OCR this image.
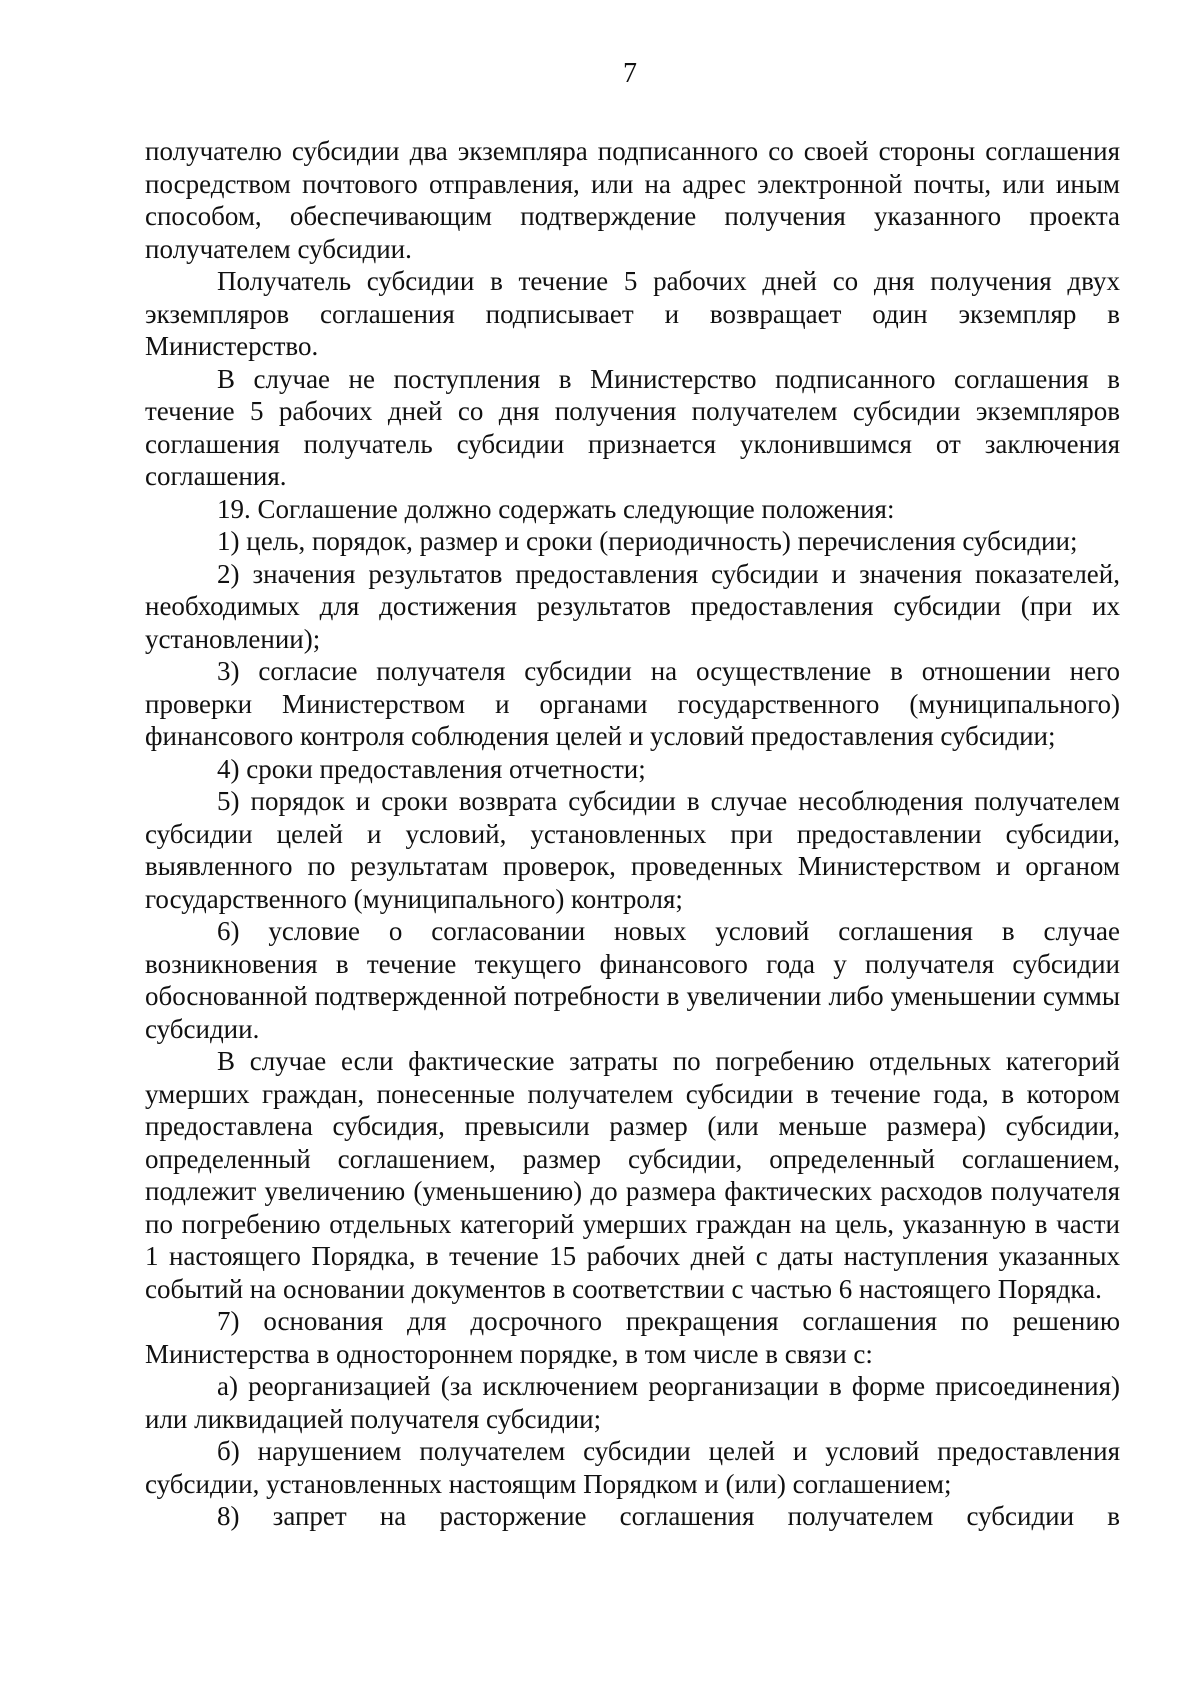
7

получателю субсидии два экземпляра подписанного со своей стороны соглашения посредством почтового отправления, или на адрес электронной почты, или иным способом, обеспечивающим подтверждение получения указанного проекта получателем субсидии.

Получатель субсидии в течение 5 рабочих дней со дня получения двух экземпляров соглашения подписывает и возвращает один экземпляр в Министерство.

В случае не поступления в Министерство подписанного соглашения в течение 5 рабочих дней со дня получения получателем субсидии экземпляров соглашения получатель субсидии признается уклонившимся от заключения соглашения.

19. Соглашение должно содержать следующие положения:

1) цель, порядок, размер и сроки (периодичность) перечисления субсидии;

2) значения результатов предоставления субсидии и значения показателей, необходимых для достижения результатов предоставления субсидии (при их установлении);

3) согласие получателя субсидии на осуществление в отношении него проверки Министерством и органами государственного (муниципального) финансового контроля соблюдения целей и условий предоставления субсидии;

4) сроки предоставления отчетности;

5) порядок и сроки возврата субсидии в случае несоблюдения получателем субсидии целей и условий, установленных при предоставлении субсидии, выявленного по результатам проверок, проведенных Министерством и органом государственного (муниципального) контроля;

6) условие о согласовании новых условий соглашения в случае возникновения в течение текущего финансового года у получателя субсидии обоснованной подтвержденной потребности в увеличении либо уменьшении суммы субсидии.

В случае если фактические затраты по погребению отдельных категорий умерших граждан, понесенные получателем субсидии в течение года, в котором предоставлена субсидия, превысили размер (или меньше размера) субсидии, определенный соглашением, размер субсидии, определенный соглашением, подлежит увеличению (уменьшению) до размера фактических расходов получателя по погребению отдельных категорий умерших граждан на цель, указанную в части 1 настоящего Порядка, в течение 15 рабочих дней с даты наступления указанных событий на основании документов в соответствии с частью 6 настоящего Порядка.

7) основания для досрочного прекращения соглашения по решению Министерства в одностороннем порядке, в том числе в связи с:

а) реорганизацией (за исключением реорганизации в форме присоединения) или ликвидацией получателя субсидии;

б) нарушением получателем субсидии целей и условий предоставления субсидии, установленных настоящим Порядком и (или) соглашением;

8) запрет на расторжение соглашения получателем субсидии в
